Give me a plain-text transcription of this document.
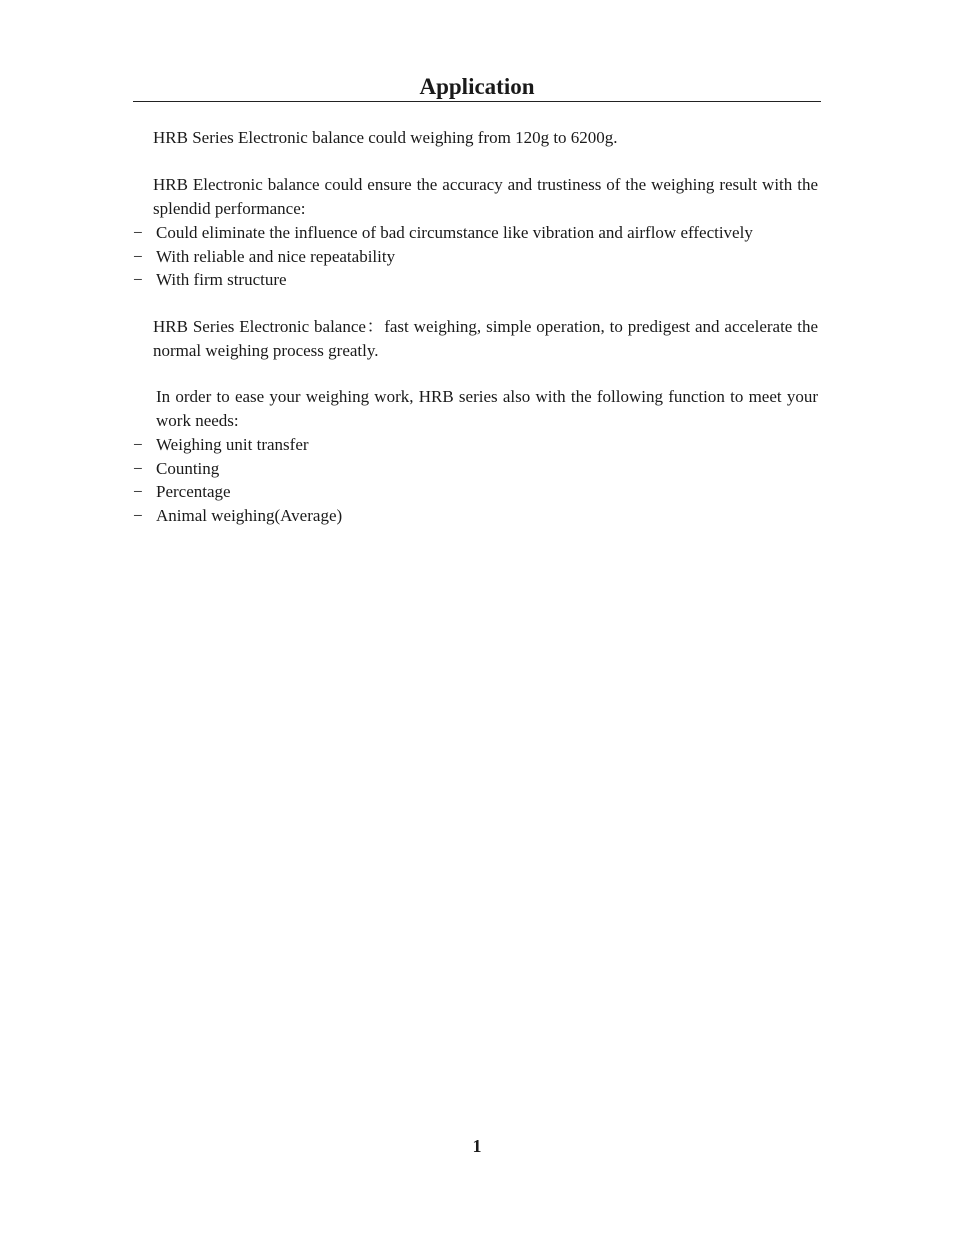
Application

HRB Series Electronic balance could weighing from 120g to 6200g.

HRB Electronic balance could ensure the accuracy and trustiness of the weighing result with the splendid performance:

− Could eliminate the influence of bad circumstance like vibration and airflow effectively
− With reliable and nice repeatability
− With firm structure

HRB Series Electronic balance：fast weighing, simple operation, to predigest and accelerate the normal weighing process greatly.

In order to ease your weighing work, HRB series also with the following function to meet your work needs:

− Weighing unit transfer
− Counting
− Percentage
− Animal weighing(Average)
1
